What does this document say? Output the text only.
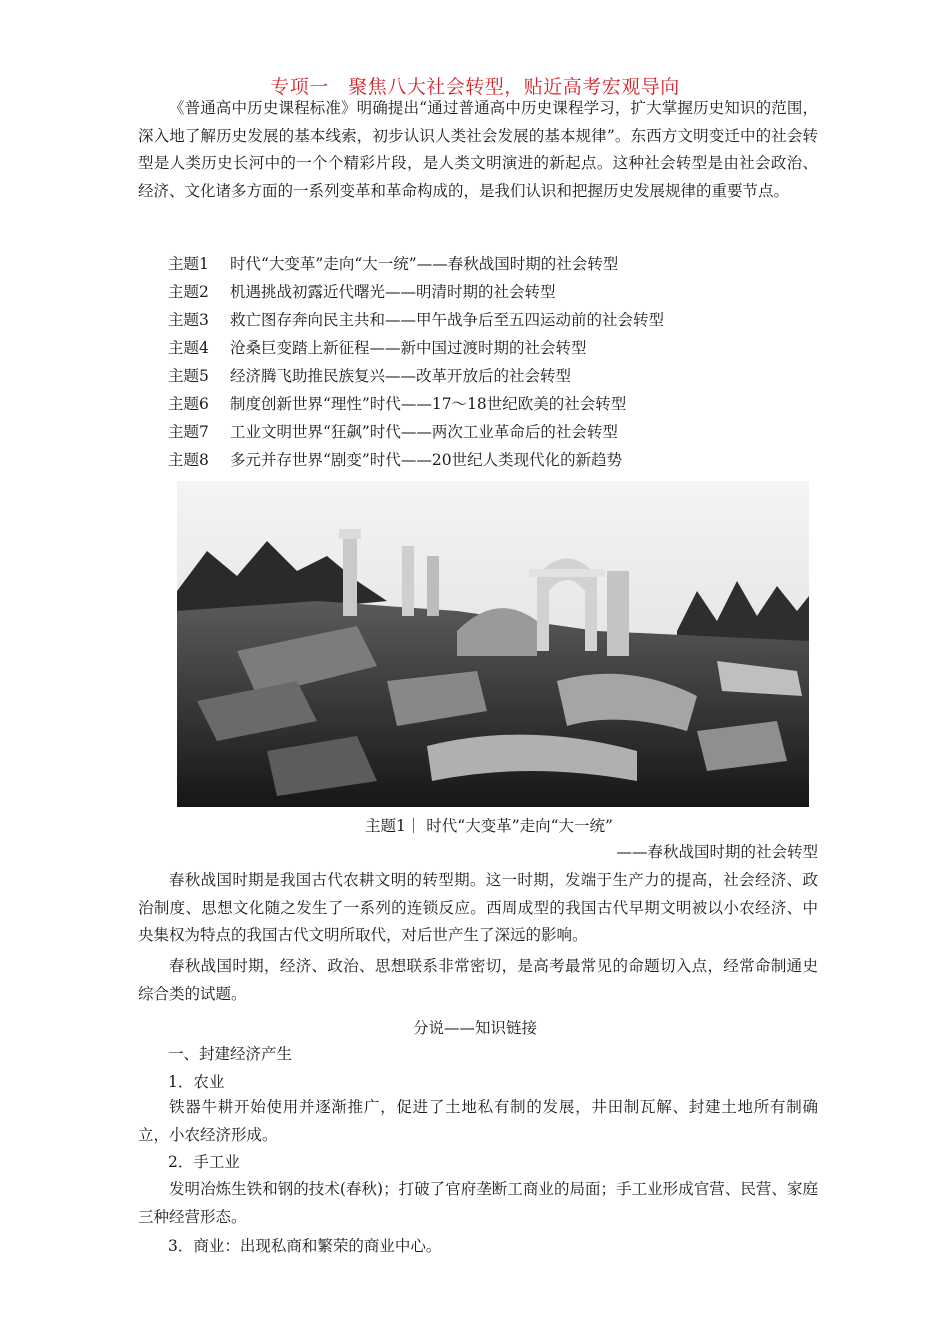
专项一　聚焦八大社会转型，贴近高考宏观导向

《普通高中历史课程标准》明确提出“通过普通高中历史课程学习，扩大掌握历史知识的范围，深入地了解历史发展的基本线索，初步认识人类社会发展的基本规律”。东西方文明变迁中的社会转型是人类历史长河中的一个个精彩片段，是人类文明演进的新起点。这种社会转型是由社会政治、经济、文化诸多方面的一系列变革和革命构成的，是我们认识和把握历史发展规律的重要节点。

主题1 时代“大变革”走向“大一统”——春秋战国时期的社会转型
主题2 机遇挑战初露近代曙光——明清时期的社会转型
主题3 救亡图存奔向民主共和——甲午战争后至五四运动前的社会转型
主题4 沧桑巨变踏上新征程——新中国过渡时期的社会转型
主题5 经济腾飞助推民族复兴——改革开放后的社会转型
主题6 制度创新世界“理性”时代——17～18世纪欧美的社会转型
主题7 工业文明世界“狂飙”时代——两次工业革命后的社会转型
主题8 多元并存世界“剧变”时代——20世纪人类现代化的新趋势
主题1｜ 时代“大变革”走向“大一统”
——春秋战国时期的社会转型

春秋战国时期是我国古代农耕文明的转型期。这一时期，发端于生产力的提高，社会经济、政治制度、思想文化随之发生了一系列的连锁反应。西周成型的我国古代早期文明被以小农经济、中央集权为特点的我国古代文明所取代，对后世产生了深远的影响。

春秋战国时期，经济、政治、思想联系非常密切，是高考最常见的命题切入点，经常命制通史综合类的试题。

分说——知识链接
一、封建经济产生
1．农业

铁器牛耕开始使用并逐渐推广，促进了土地私有制的发展，井田制瓦解、封建土地所有制确立，小农经济形成。

2．手工业

发明冶炼生铁和钢的技术(春秋)；打破了官府垄断工商业的局面；手工业形成官营、民营、家庭三种经营形态。

3．商业：出现私商和繁荣的商业中心。
